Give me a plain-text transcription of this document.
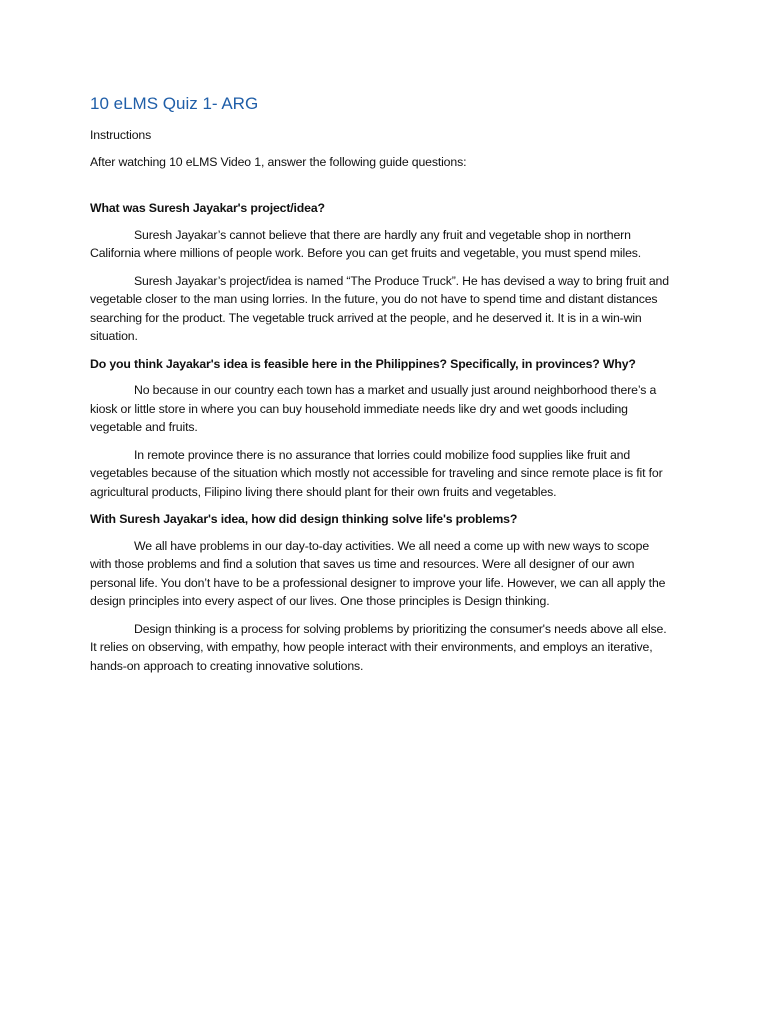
10 eLMS Quiz 1- ARG

Instructions

After watching 10 eLMS Video 1, answer the following guide questions:

What was Suresh Jayakar's project/idea?

Suresh Jayakar’s cannot believe that there are hardly any fruit and vegetable shop in northern California where millions of people work. Before you can get fruits and vegetable, you must spend miles.

Suresh Jayakar’s project/idea is named “The Produce Truck”. He has devised a way to bring fruit and vegetable closer to the man using lorries. In the future, you do not have to spend time and distant distances searching for the product. The vegetable truck arrived at the people, and he deserved it. It is in a win-win situation.

Do you think Jayakar's idea is feasible here in the Philippines? Specifically, in provinces? Why?

No because in our country each town has a market and usually just around neighborhood there’s a kiosk or little store in where you can buy household immediate needs like dry and wet goods including vegetable and fruits.

In remote province there is no assurance that lorries could mobilize food supplies like fruit and vegetables because of the situation which mostly not accessible for traveling and since remote place is fit for agricultural products, Filipino living there should plant for their own fruits and vegetables.

With Suresh Jayakar's idea, how did design thinking solve life's problems?

We all have problems in our day-to-day activities. We all need a come up with new ways to scope with those problems and find a solution that saves us time and resources. Were all designer of our awn personal life. You don’t have to be a professional designer to improve your life. However, we can all apply the design principles into every aspect of our lives. One those principles is Design thinking.

Design thinking is a process for solving problems by prioritizing the consumer's needs above all else. It relies on observing, with empathy, how people interact with their environments, and employs an iterative, hands-on approach to creating innovative solutions.
